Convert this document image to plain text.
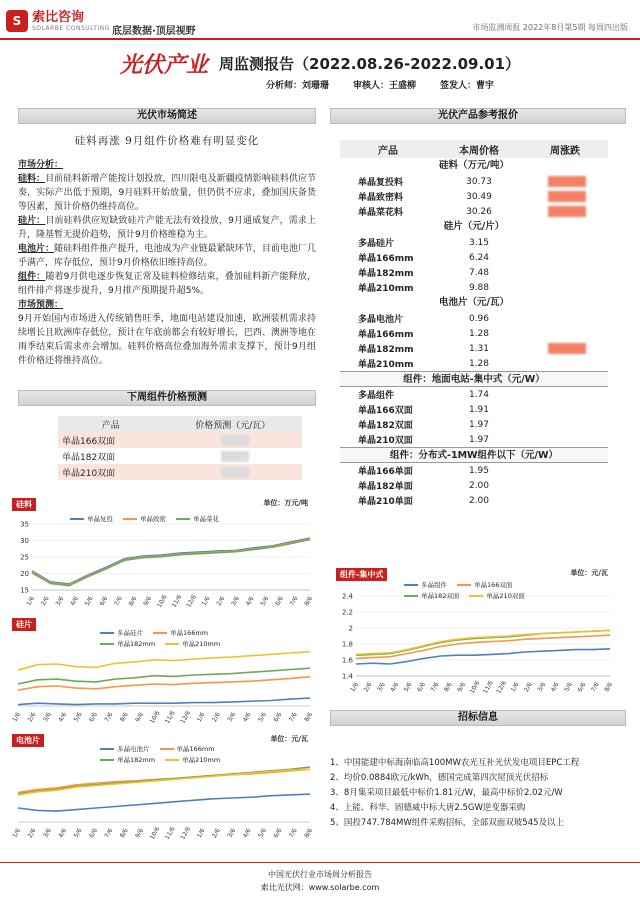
S 索比咨询
SOLARBE CONSULTING 底层数据·顶层视野	市场监测周报 2022年8月第5期 每周四出版
光伏产业 周监测报告（2022.08.26-2022.09.01）
分析师：刘珊珊	审核人：王盛柳	签发人：曹宇
光伏市场简述
硅料再涨 9月组件价格难有明显变化
市场分析：

硅料：目前硅料新增产能按计划投放，四川限电及新疆疫情影响硅料供应节奏，实际产出低于预期，9月硅料开始放量，但仍供不应求，叠加国庆备货等因素，预计价格仍维持高位。

硅片：目前硅料供应短缺致硅片产能无法有效投放，9月通威复产，需求上升，隆基暂无提价趋势，预计9月价格维稳为主。

电池片：随硅料组件推产提升，电池成为产业链最紧缺环节，目前电池厂几乎满产，库存低位，预计9月价格依旧维持高位。

组件：随着9月供电逐步恢复正常及硅料检修结束，叠加硅料新产能释放，组件排产将逐步提升，9月排产预期提升超5%。

市场预测：

9月开始国内市场进入传统销售旺季，地面电站建设加速，欧洲装机需求持续增长且欧洲库存低位，预计在年底前都会有较好增长，巴西、澳洲等地在雨季结束后需求亦会增加。硅料价格高位叠加海外需求支撑下，预计9月组件价格还将维持高位。

下周组件价格预测
产品	价格预测（元/瓦）
单晶166双面	
单晶182双面	
单晶210双面	
光伏产品参考报价
产品	本周价格	周涨跌
硅料（万元/吨）
单晶复投料	30.73
单晶致密料	30.49
单晶菜花料	30.26
硅片（元/片）
多晶硅片	3.15
单晶166mm	6.24
单晶182mm	7.48
单晶210mm	9.88
电池片（元/瓦）
多晶电池片	0.96
单晶166mm	1.28
单晶182mm	1.31
单晶210mm	1.28
组件：地面电站-集中式（元/W）
多晶组件	1.74
单晶166双面	1.91
单晶182双面	1.97
单晶210双面	1.97
组件：分布式-1MW组件以下（元/W）
单晶166单面	1.95
单晶182单面	2.00
单晶210单面	2.00
15
20
25
30
35
1/6 2/6 3/6 4/6 5/6 6/6 7/6 8/6 9/6 10/6 11/6 12/6 1/6 2/6 3/6 4/6 5/6 6/6 7/6 8/6
硅料	单位：万元/吨
单晶复投	单晶致密	单晶菜花
1/6 2/6 3/6 4/6 5/6 6/6 7/6 8/6 9/6 10/6 11/6 12/6 1/6 2/6 3/6 4/6 5/6 6/6 7/6 8/6
硅片
多晶硅片	单晶166mm
单晶182mm	单晶210mm
1/6 2/6 3/6 4/6 5/6 6/6 7/6 8/6 9/6 10/6 11/6 12/6 1/6 2/6 3/6 4/6 5/6 6/6 7/6 8/6
电池片	单位：元/瓦
多晶电池片	单晶166mm
单晶182mm	单晶210mm
1.4
1.6
1.8
2
2.2
2.4
1/6 2/6 3/6 4/6 5/6 6/6 7/6 8/6 9/6 10/6 11/6 12/6 1/6 2/6 3/6 4/6 5/6 6/6 7/6 8/6
组件-集中式	单位：元/瓦
多晶组件	单晶166双面
单晶182双面	单晶210双面
招标信息
1、中国能建中标海南临高100MW农光互补光伏发电项目EPC工程
2、均价0.0884欧元/kWh，德国完成第四次屋顶光伏招标
3、8月集采项目最低中标价1.81元/W，最高中标价2.02元/W
4、上能、科华、固德威中标大唐2.5GW逆变器采购
5、国投747.784MW组件采购招标，全部双面双玻545及以上
中国光伏行业市场周分析报告
索比光伏网：www.solarbe.com
